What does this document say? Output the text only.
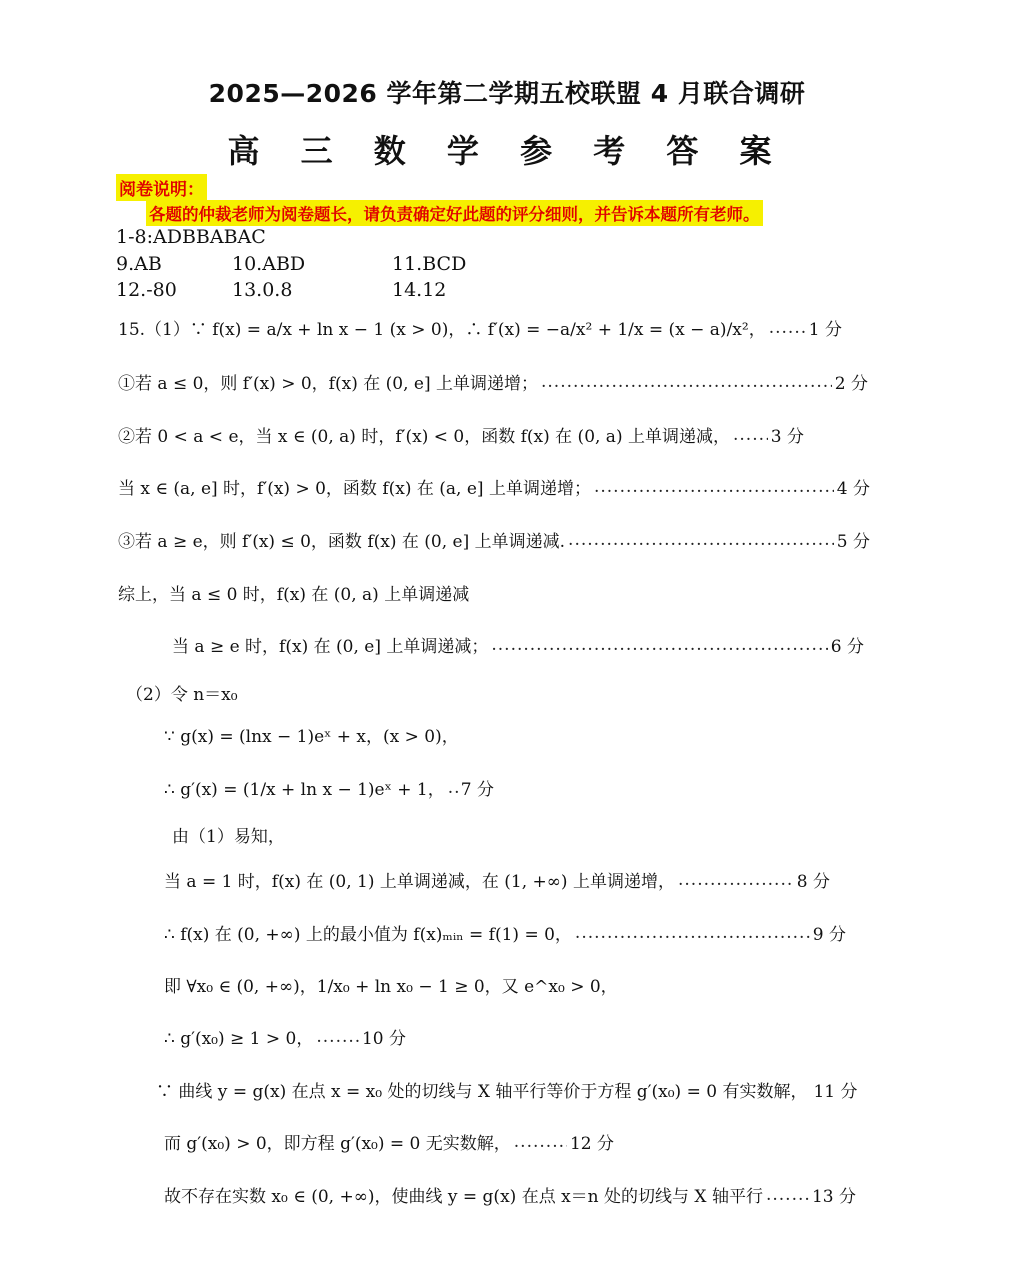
2025—2026 学年第二学期五校联盟 4 月联合调研
高 三 数 学 参 考 答 案
阅卷说明：
各题的仲裁老师为阅卷题长，请负责确定好此题的评分细则，并告诉本题所有老师。
1-8:ADBBABAC
9.AB	10.ABD	11.BCD
12.-80	13.0.8	14.12
15.（1）∵ f(x) = a/x + ln x − 1 (x > 0)，∴ f′(x) = −a/x² + 1/x = (x − a)/x²， .....	1 分
①若 a ≤ 0，则 f′(x) > 0，f(x) 在 (0, e] 上单调递增； .....	2 分
②若 0 < a < e，当 x ∈ (0, a) 时，f′(x) < 0，函数 f(x) 在 (0, a) 上单调递减， ..... 3 分
当 x ∈ (a, e] 时，f′(x) > 0，函数 f(x) 在 (a, e] 上单调递增； .....	4 分
③若 a ≥ e，则 f′(x) ≤ 0，函数 f(x) 在 (0, e] 上单调递减. .....	5 分
综上，当 a ≤ 0 时，f(x) 在 (0, a) 上单调递减
当 a ≥ e 时，f(x) 在 (0, e] 上单调递减； .....	6 分
（2）令 n＝x₀
∵ g(x) = (lnx − 1)eˣ + x，(x > 0)，
∴ g′(x) = (1/x + ln x − 1)eˣ + 1， ..... 7 分
由（1）易知，
当 a = 1 时，f(x) 在 (0, 1) 上单调递减，在 (1, +∞) 上单调递增， .....	8 分
∴ f(x) 在 (0, +∞) 上的最小值为 f(x)ₘᵢₙ = f(1) = 0， .....	9 分
即 ∀x₀ ∈ (0, +∞)，1/x₀ + ln x₀ − 1 ≥ 0，又 e^x₀ > 0，
∴ g′(x₀) ≥ 1 > 0， .....	10 分
∵ 曲线 y = g(x) 在点 x = x₀ 处的切线与 X 轴平行等价于方程 g′(x₀) = 0 有实数解， 11 分
而 g′(x₀) > 0，即方程 g′(x₀) = 0 无实数解， .....	12 分
故不存在实数 x₀ ∈ (0, +∞)，使曲线 y = g(x) 在点 x＝n 处的切线与 X 轴平行 .....	13 分
